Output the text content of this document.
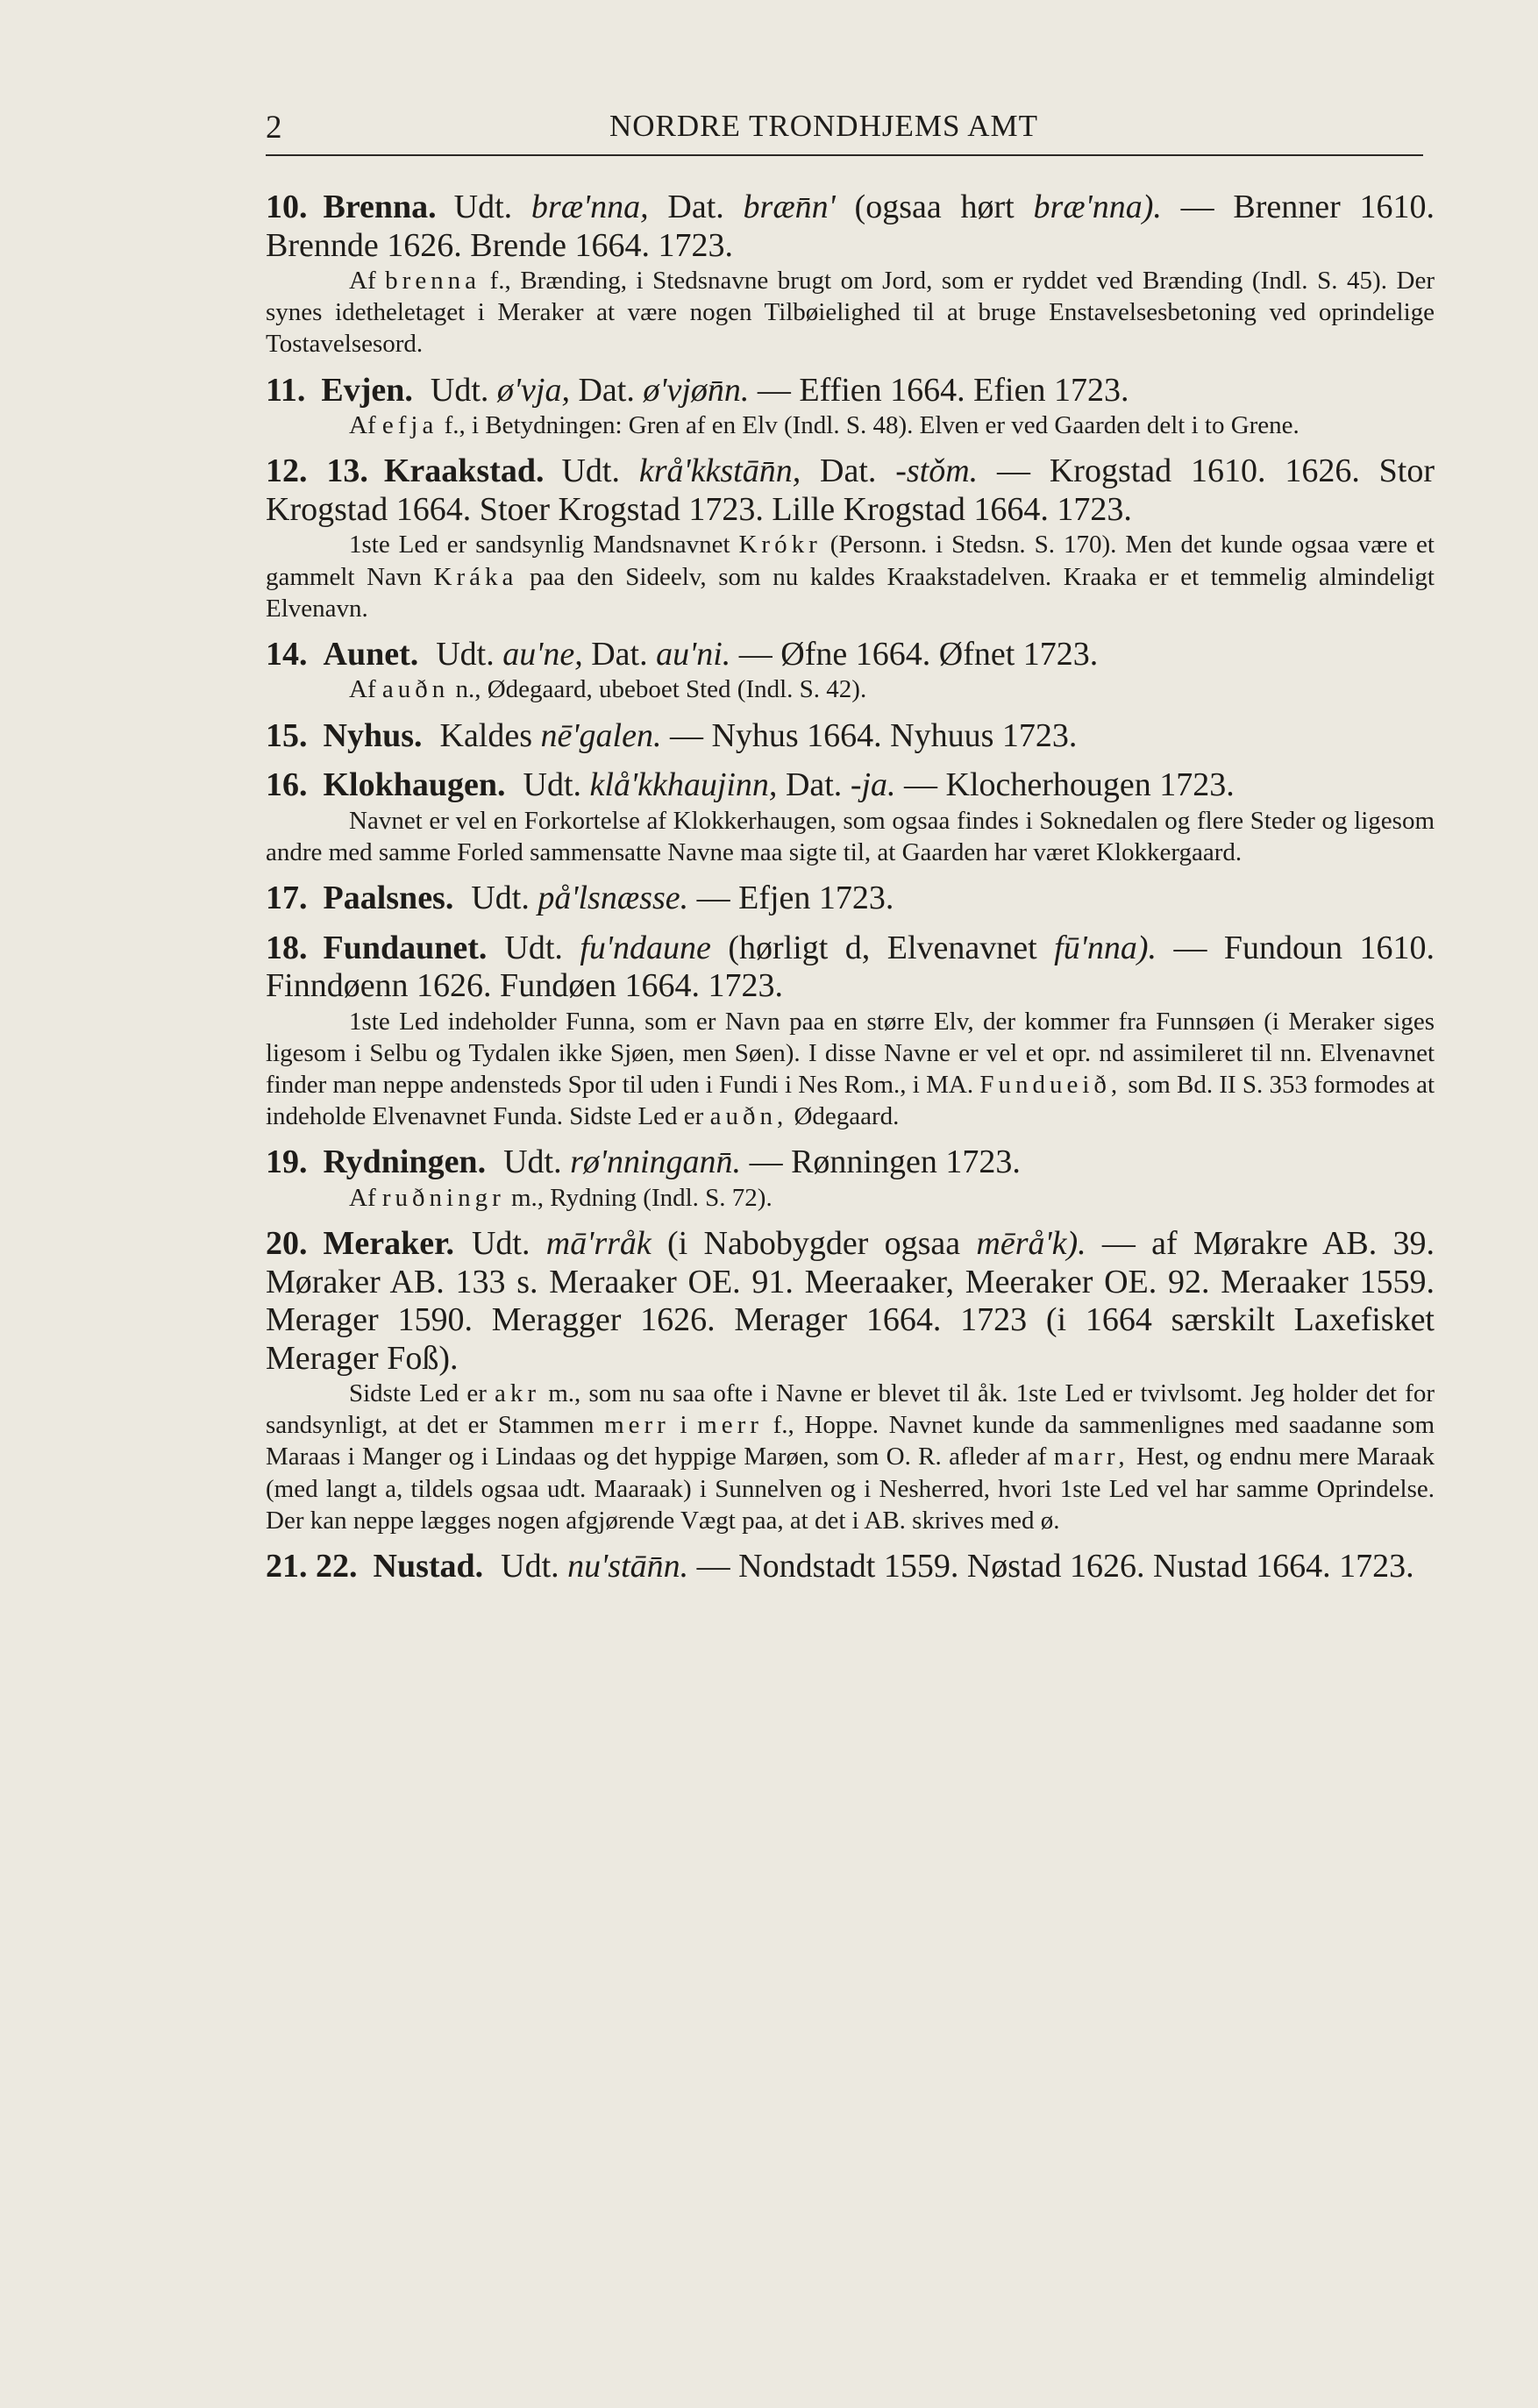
2	NORDRE TRONDHJEMS AMT

10. Brenna. Udt. bræ'nna, Dat. bræn̄n' (ogsaa hørt bræ'nna). — Brenner 1610. Brennde 1626. Brende 1664. 1723.

Af brenna f., Brænding, i Stedsnavne brugt om Jord, som er ryddet ved Brænding (Indl. S. 45). Der synes idetheletaget i Meraker at være nogen Tilbøielighed til at bruge Enstavelsesbetoning ved oprindelige Tostavelsesord.

11. Evjen. Udt. ø'vja, Dat. ø'vjøn̄n. — Effien 1664. Efien 1723.

Af efja f., i Betydningen: Gren af en Elv (Indl. S. 48). Elven er ved Gaarden delt i to Grene.

12. 13. Kraakstad. Udt. krå'kkstān̄n, Dat. -stǒm. — Krogstad 1610. 1626. Stor Krogstad 1664. Stoer Krogstad 1723. Lille Krogstad 1664. 1723.

1ste Led er sandsynlig Mandsnavnet Krókr (Personn. i Stedsn. S. 170). Men det kunde ogsaa være et gammelt Navn Kráka paa den Sideelv, som nu kaldes Kraakstadelven. Kraaka er et temmelig almindeligt Elvenavn.

14. Aunet. Udt. au'ne, Dat. au'ni. — Øfne 1664. Øfnet 1723.

Af auðn n., Ødegaard, ubeboet Sted (Indl. S. 42).

15. Nyhus. Kaldes nē'galen. — Nyhus 1664. Nyhuus 1723.

16. Klokhaugen. Udt. klå'kkhaujinn, Dat. -ja. — Klocherhougen 1723.

Navnet er vel en Forkortelse af Klokkerhaugen, som ogsaa findes i Soknedalen og flere Steder og ligesom andre med samme Forled sammensatte Navne maa sigte til, at Gaarden har været Klokkergaard.

17. Paalsnes. Udt. på'lsnæsse. — Efjen 1723.

18. Fundaunet. Udt. fu'ndaune (hørligt d, Elvenavnet fū'nna). — Fundoun 1610. Finndøenn 1626. Fundøen 1664. 1723.

1ste Led indeholder Funna, som er Navn paa en større Elv, der kommer fra Funnsøen (i Meraker siges ligesom i Selbu og Tydalen ikke Sjøen, men Søen). I disse Navne er vel et opr. nd assimileret til nn. Elvenavnet finder man neppe andensteds Spor til uden i Fundi i Nes Rom., i MA. Fundueið, som Bd. II S. 353 formodes at indeholde Elvenavnet Funda. Sidste Led er auðn, Ødegaard.

19. Rydningen. Udt. rø'nningann̄. — Rønningen 1723.

Af ruðningr m., Rydning (Indl. S. 72).

20. Meraker. Udt. mā'rråk (i Nabobygder ogsaa mērå'k). — af Mørakre AB. 39. Møraker AB. 133 s. Meraaker OE. 91. Meeraaker, Meeraker OE. 92. Meraaker 1559. Merager 1590. Meragger 1626. Merager 1664. 1723 (i 1664 særskilt Laxefisket Merager Foß).

Sidste Led er akr m., som nu saa ofte i Navne er blevet til åk. 1ste Led er tvivlsomt. Jeg holder det for sandsynligt, at det er Stammen merr i merr f., Hoppe. Navnet kunde da sammenlignes med saadanne som Maraas i Manger og i Lindaas og det hyppige Marøen, som O. R. afleder af marr, Hest, og endnu mere Maraak (med langt a, tildels ogsaa udt. Maaraak) i Sunnelven og i Nesherred, hvori 1ste Led vel har samme Oprindelse. Der kan neppe lægges nogen afgjørende Vægt paa, at det i AB. skrives med ø.

21. 22. Nustad. Udt. nu'stān̄n. — Nondstadt 1559. Nøstad 1626. Nustad 1664. 1723.
